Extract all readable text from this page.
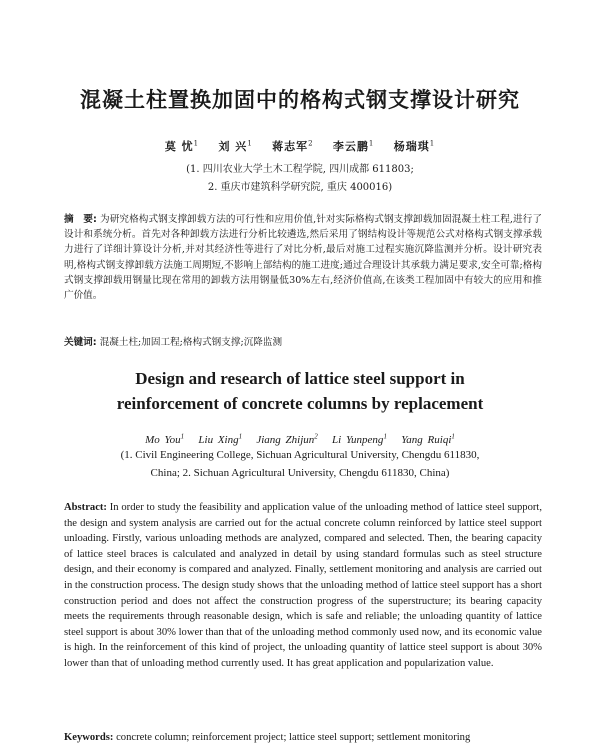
混凝土柱置换加固中的格构式钢支撑设计研究
莫 忧$^1$ 刘 兴$^1$ 蒋志军$^2$ 李云鹏$^1$ 杨瑞琪$^1$
(1. 四川农业大学土木工程学院, 四川成都 611803;
2. 重庆市建筑科学研究院, 重庆 400016)
摘　要: 为研究格构式钢支撑卸载方法的可行性和应用价值,针对实际格构式钢支撑卸载加固混凝土柱工程,进行了设计和系统分析。首先对各种卸载方法进行分析比较遴选,然后采用了钢结构设计等规范公式对格构式钢支撑承载力进行了详细计算设计分析,并对其经济性等进行了对比分析,最后对施工过程实施沉降监测并分析。设计研究表明,格构式钢支撑卸载方法施工周期短,不影响上部结构的施工进度;通过合理设计其承载力满足要求,安全可靠;格构式钢支撑卸载用钢量比现在常用的卸载方法用钢量低30%左右,经济价值高,在该类工程加固中有较大的应用和推广价值。
关键词: 混凝土柱;加固工程;格构式钢支撑;沉降监测
Design and research of lattice steel support in
reinforcement of concrete columns by replacement
Mo You$^1$ Liu Xing$^1$ Jiang Zhijun$^2$ Li Yunpeng$^1$ Yang Ruiqi$^1$
(1. Civil Engineering College, Sichuan Agricultural University, Chengdu 611830,
China; 2. Sichuan Agricultural University, Chengdu 611830, China)
Abstract: In order to study the feasibility and application value of the unloading method of lattice steel support, the design and system analysis are carried out for the actual concrete column reinforced by lattice steel support unloading. Firstly, various unloading methods are analyzed, compared and selected. Then, the bearing capacity of lattice steel braces is calculated and analyzed in detail by using standard formulas such as steel structure design, and their economy is compared and analyzed. Finally, settlement monitoring and analysis are carried out in the construction process. The design study shows that the unloading method of lattice steel support has a short construction period and does not affect the construction progress of the superstructure; its bearing capacity meets the requirements through reasonable design, which is safe and reliable; the unloading quantity of lattice steel support is about 30% lower than that of the unloading method commonly used now, and its economic value is high. In the reinforcement of this kind of project, the unloading quantity of lattice steel support is about 30% lower than that of unloading method currently used. It has great application and popularization value.
Keywords: concrete column; reinforcement project; lattice steel support; settlement monitoring
